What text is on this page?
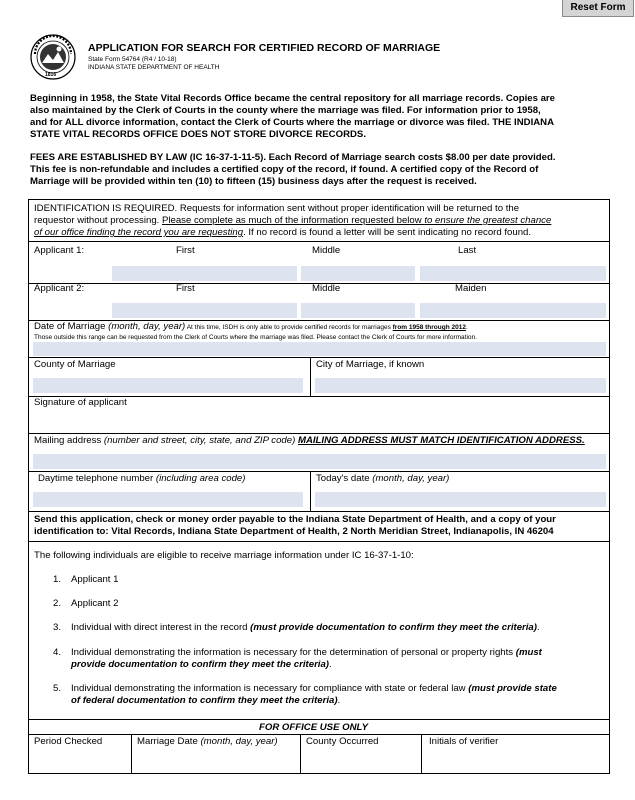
Reset Form
1816
APPLICATION FOR SEARCH FOR CERTIFIED RECORD OF MARRIAGE
State Form 54764 (R4 / 10-18)
INDIANA STATE DEPARTMENT OF HEALTH
Beginning in 1958, the State Vital Records Office became the central repository for all marriage records. Copies are
also maintained by the Clerk of Courts in the county where the marriage was filed. For information prior to 1958,
and for ALL divorce information, contact the Clerk of Courts where the marriage or divorce was filed. THE INDIANA
STATE VITAL RECORDS OFFICE DOES NOT STORE DIVORCE RECORDS.
FEES ARE ESTABLISHED BY LAW (IC 16-37-1-11-5). Each Record of Marriage search costs $8.00 per date provided.
This fee is non-refundable and includes a certified copy of the record, if found. A certified copy of the Record of
Marriage will be provided within ten (10) to fifteen (15) business days after the request is received.
IDENTIFICATION IS REQUIRED. Requests for information sent without proper identification will be returned to the
requestor without processing. Please complete as much of the information requested below to ensure the greatest chance
of our office finding the record you are requesting. If no record is found a letter will be sent indicating no record found.
Applicant 1:	First	Middle	Last
Applicant 2:	First	Middle	Maiden
Date of Marriage (month, day, year) At this time, ISDH is only able to provide certified records for marriages from 1958 through 2012.
Those outside this range can be requested from the Clerk of Courts where the marriage was filed. Please contact the Clerk of Courts for more information.
County of Marriage	City of Marriage, if known
Signature of applicant
Mailing address (number and street, city, state, and ZIP code) MAILING ADDRESS MUST MATCH IDENTIFICATION ADDRESS.
Daytime telephone number (including area code)	Today's date (month, day, year)
Send this application, check or money order payable to the Indiana State Department of Health, and a copy of your
identification to: Vital Records, Indiana State Department of Health, 2 North Meridian Street, Indianapolis, IN 46204
The following individuals are eligible to receive marriage information under IC 16-37-1-10:
1. Applicant 1
2. Applicant 2
3. Individual with direct interest in the record (must provide documentation to confirm they meet the criteria).
4. Individual demonstrating the information is necessary for the determination of personal or property rights (must
provide documentation to confirm they meet the criteria).
5. Individual demonstrating the information is necessary for compliance with state or federal law (must provide state
of federal documentation to confirm they meet the criteria).
FOR OFFICE USE ONLY
Period Checked	Marriage Date (month, day, year)	County Occurred	Initials of verifier
